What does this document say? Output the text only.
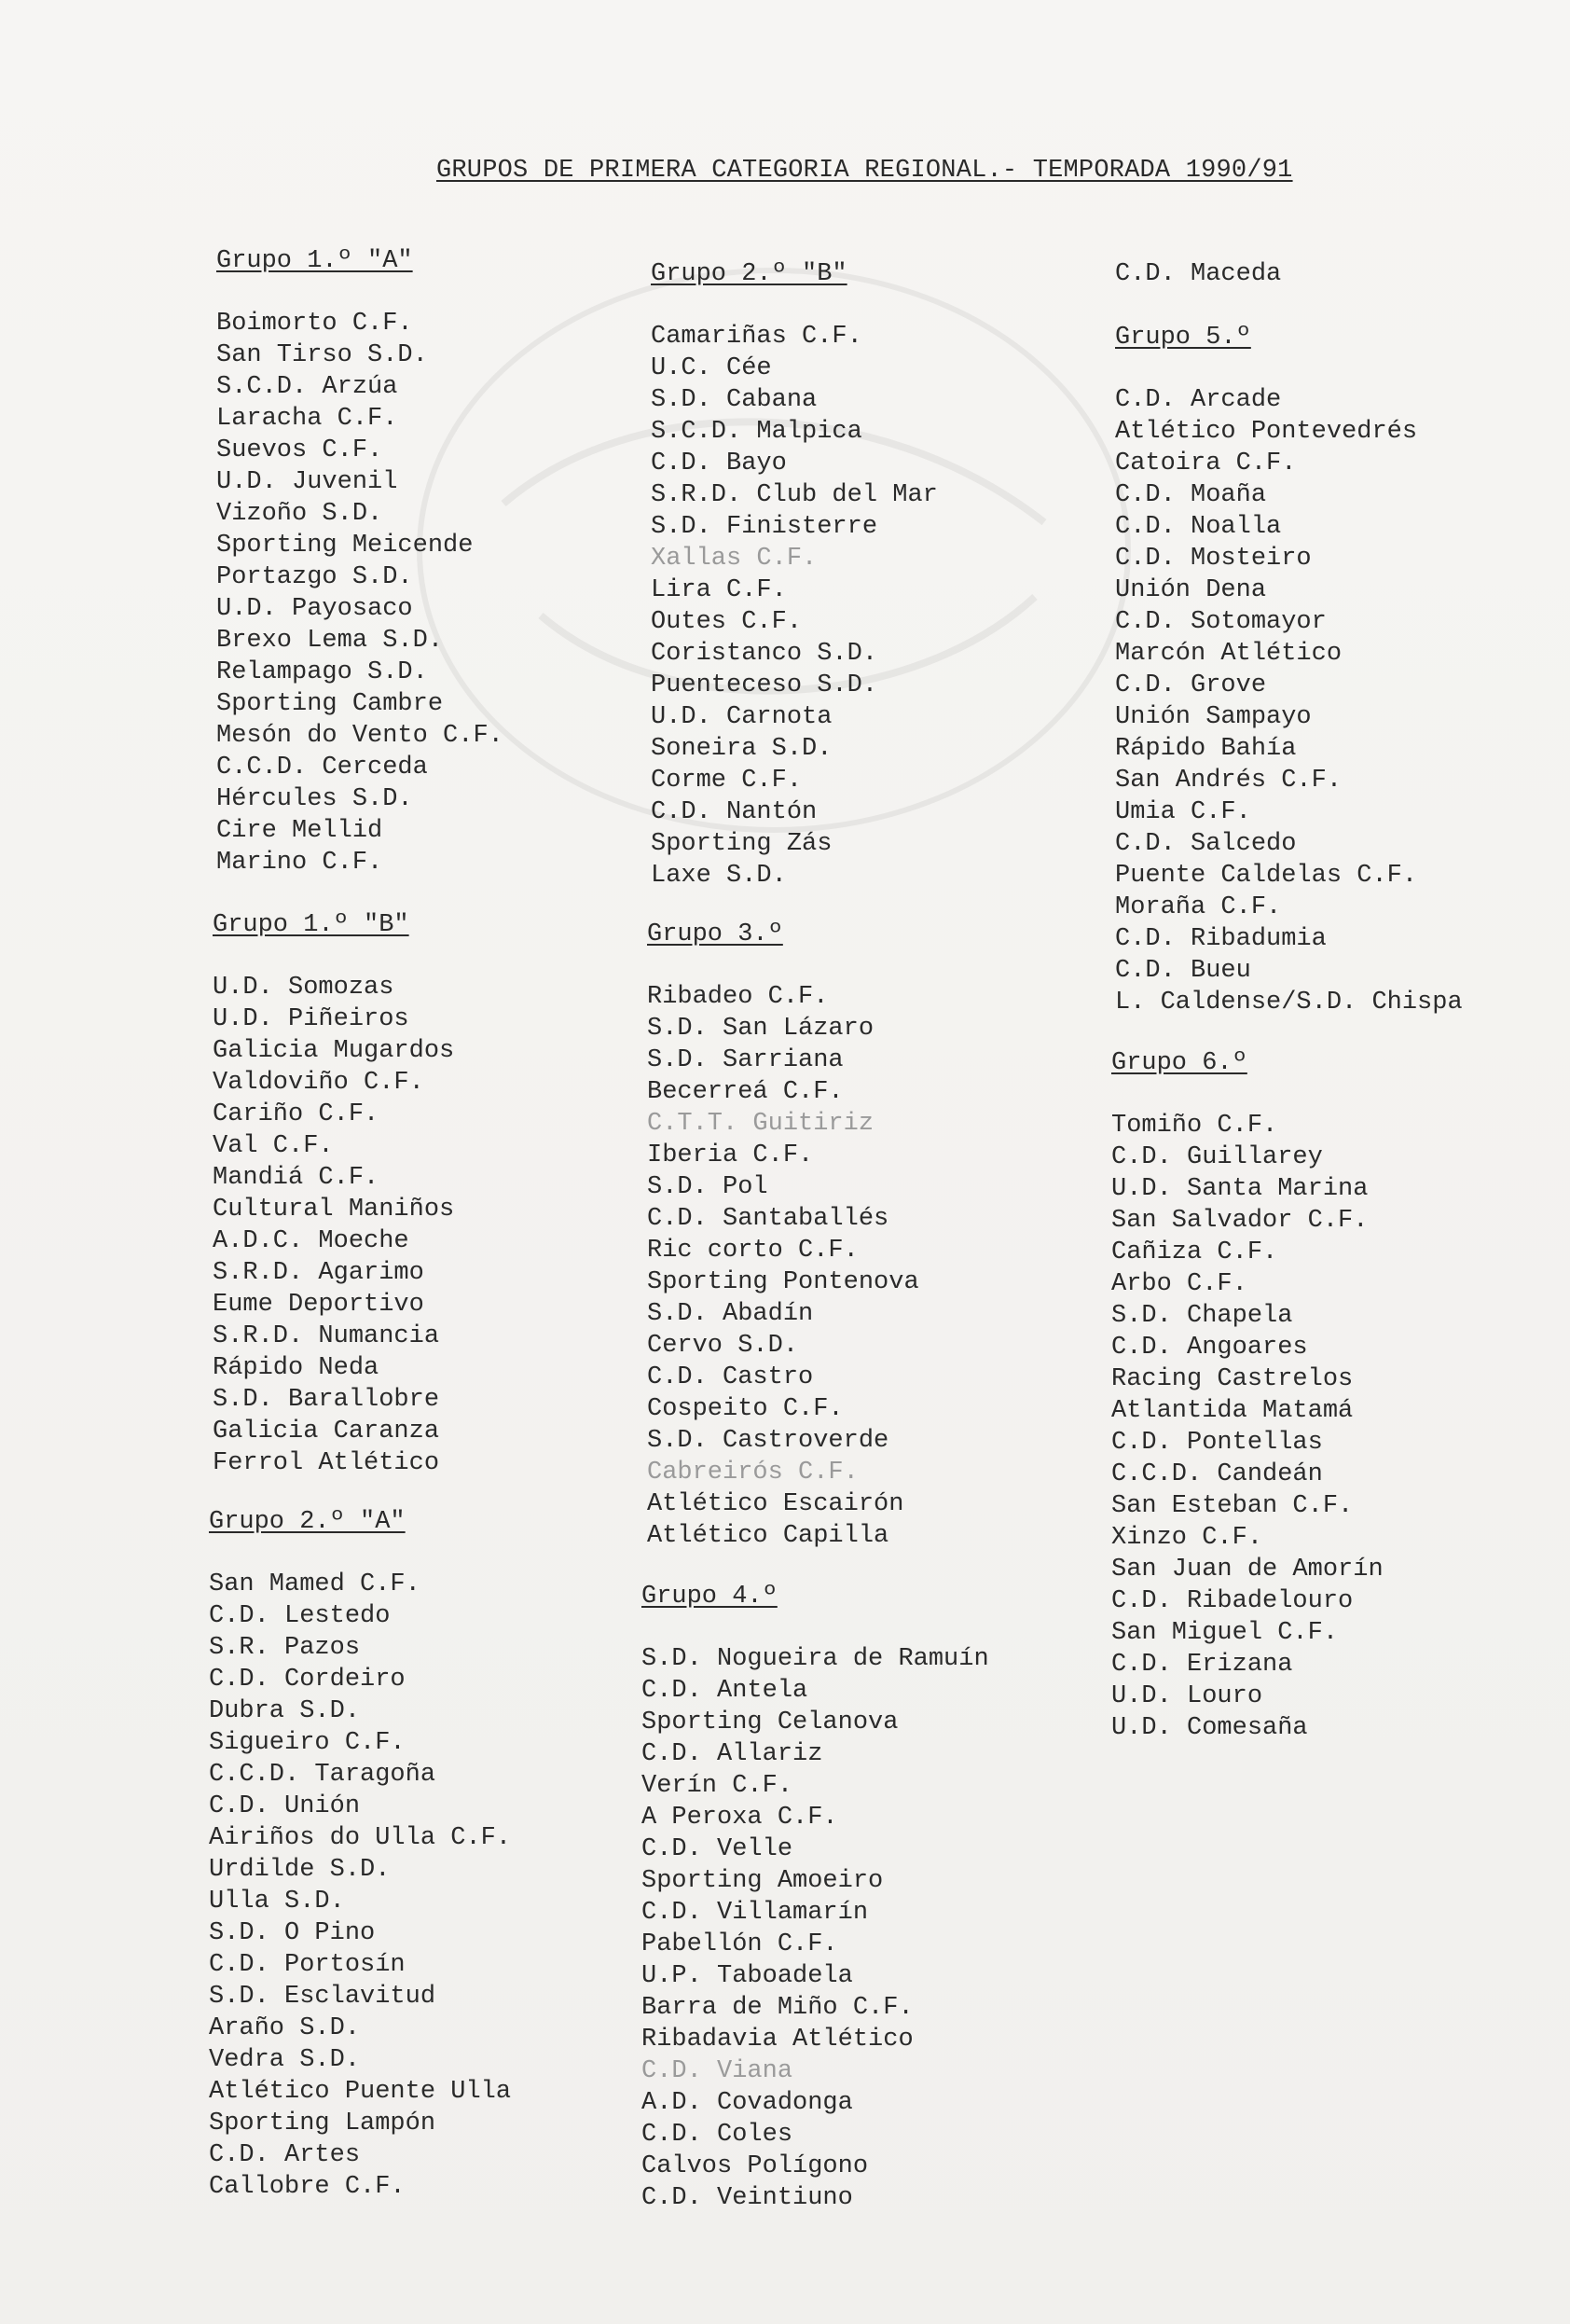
GRUPOS DE PRIMERA CATEGORIA REGIONAL.- TEMPORADA 1990/91
Grupo 1.º "A"
Boimorto C.F.
San Tirso S.D.
S.C.D. Arzúa
Laracha C.F.
Suevos C.F.
U.D. Juvenil
Vizoño S.D.
Sporting Meicende
Portazgo S.D.
U.D. Payosaco
Brexo Lema S.D.
Relampago S.D.
Sporting Cambre
Mesón do Vento C.F.
C.C.D. Cerceda
Hércules S.D.
Cire Mellid
Marino C.F.
Grupo 1.º "B"
U.D. Somozas
U.D. Piñeiros
Galicia Mugardos
Valdoviño C.F.
Cariño C.F.
Val C.F.
Mandiá C.F.
Cultural Maniños
A.D.C. Moeche
S.R.D. Agarimo
Eume Deportivo
S.R.D. Numancia
Rápido Neda
S.D. Barallobre
Galicia Caranza
Ferrol Atlético
Grupo 2.º "A"
San Mamed C.F.
C.D. Lestedo
S.R. Pazos
C.D. Cordeiro
Dubra S.D.
Sigueiro C.F.
C.C.D. Taragoña
C.D. Unión
Airiños do Ulla C.F.
Urdilde S.D.
Ulla S.D.
S.D. O Pino
C.D. Portosín
S.D. Esclavitud
Araño S.D.
Vedra S.D.
Atlético Puente Ulla
Sporting Lampón
C.D. Artes
Callobre C.F.
Grupo 2.º "B"
Camariñas C.F.
U.C. Cée
S.D. Cabana
S.C.D. Malpica
C.D. Bayo
S.R.D. Club del Mar
S.D. Finisterre
Xallas C.F.
Lira C.F.
Outes C.F.
Coristanco S.D.
Puenteceso S.D.
U.D. Carnota
Soneira S.D.
Corme C.F.
C.D. Nantón
Sporting Zás
Laxe S.D.
Grupo 3.º
Ribadeo C.F.
S.D. San Lázaro
S.D. Sarriana
Becerreá C.F.
C.T.T. Guitiriz
Iberia C.F.
S.D. Pol
C.D. Santaballés
Ric corto C.F.
Sporting Pontenova
S.D. Abadín
Cervo S.D.
C.D. Castro
Cospeito C.F.
S.D. Castroverde
Cabreirós C.F.
Atlético Escairón
Atlético Capilla
Grupo 4.º
S.D. Nogueira de Ramuín
C.D. Antela
Sporting Celanova
C.D. Allariz
Verín C.F.
A Peroxa C.F.
C.D. Velle
Sporting Amoeiro
C.D. Villamarín
Pabellón C.F.
U.P. Taboadela
Barra de Miño C.F.
Ribadavia Atlético
C.D. Viana
A.D. Covadonga
C.D. Coles
Calvos Polígono
C.D. Veintiuno
C.D. Maceda
Grupo 5.º
C.D. Arcade
Atlético Pontevedrés
Catoira C.F.
C.D. Moaña
C.D. Noalla
C.D. Mosteiro
Unión Dena
C.D. Sotomayor
Marcón Atlético
C.D. Grove
Unión Sampayo
Rápido Bahía
San Andrés C.F.
Umia C.F.
C.D. Salcedo
Puente Caldelas C.F.
Moraña C.F.
C.D. Ribadumia
C.D. Bueu
L. Caldense/S.D. Chispa
Grupo 6.º
Tomiño C.F.
C.D. Guillarey
U.D. Santa Marina
San Salvador C.F.
Cañiza C.F.
Arbo C.F.
S.D. Chapela
C.D. Angoares
Racing Castrelos
Atlantida Matamá
C.D. Pontellas
C.C.D. Candeán
San Esteban C.F.
Xinzo C.F.
San Juan de Amorín
C.D. Ribadelouro
San Miguel C.F.
C.D. Erizana
U.D. Louro
U.D. Comesaña
